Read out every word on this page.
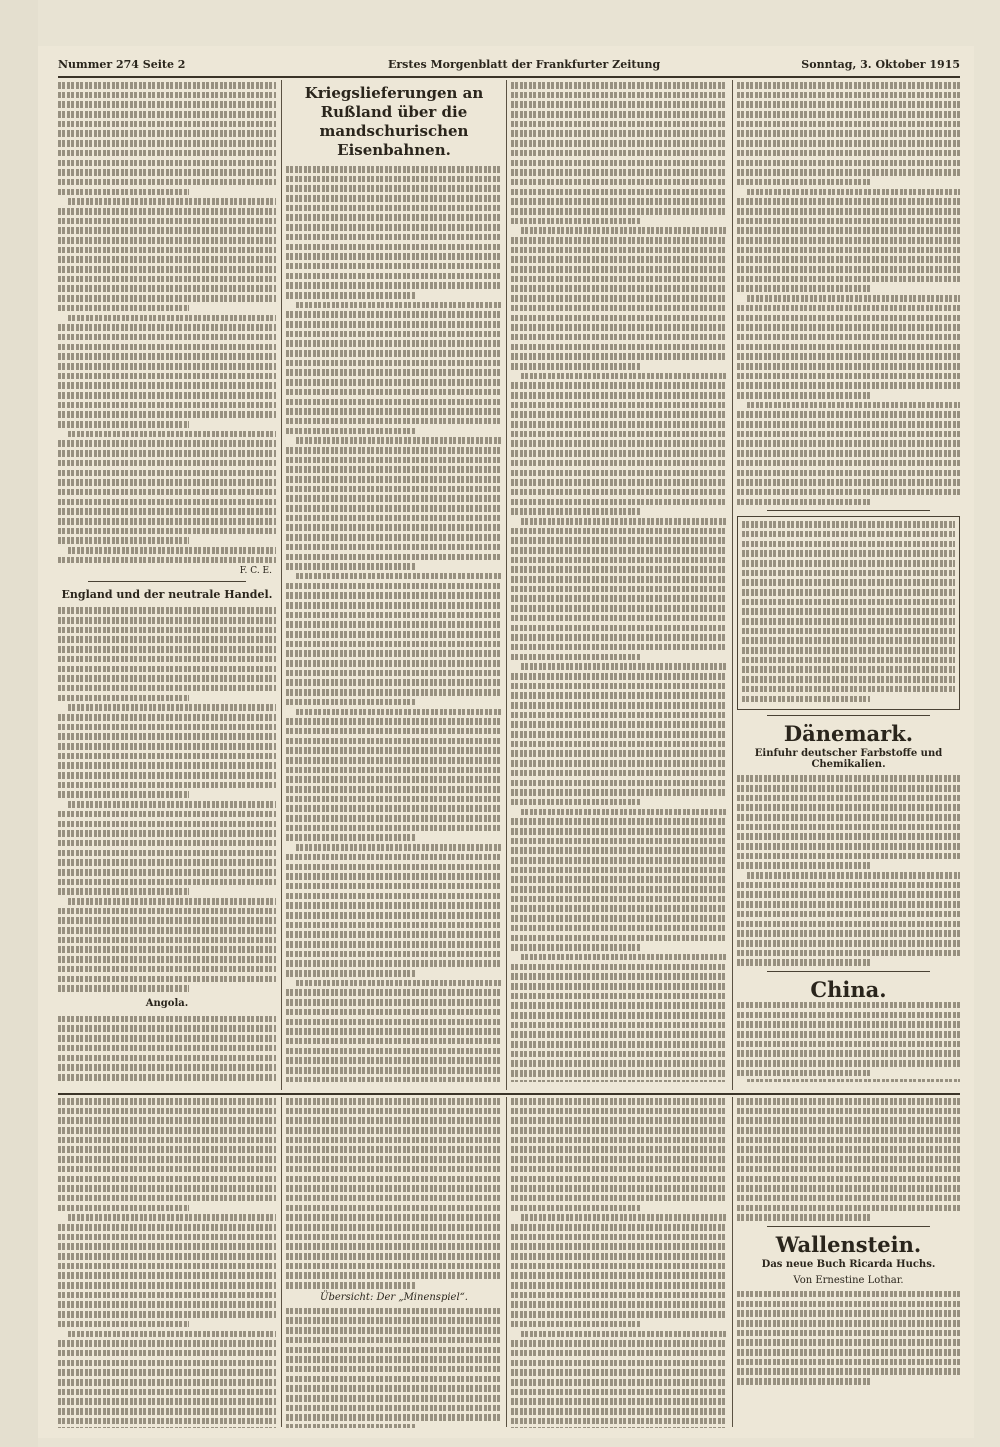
Nummer 274 Seite 2	Erstes Morgenblatt der Frankfurter Zeitung	Sonntag, 3. Oktober 1915
F. C. E.
England und der neutrale Handel.
Angola.
Kriegslieferungen an Rußland über die mandschurischen Eisenbahnen.
Dänemark.
Einfuhr deutscher Farbstoffe und Chemikalien.
China.
Übersicht: Der „Minenspiel“.
Wallenstein.
Das neue Buch Ricarda Huchs.
Von Ernestine Lothar.
